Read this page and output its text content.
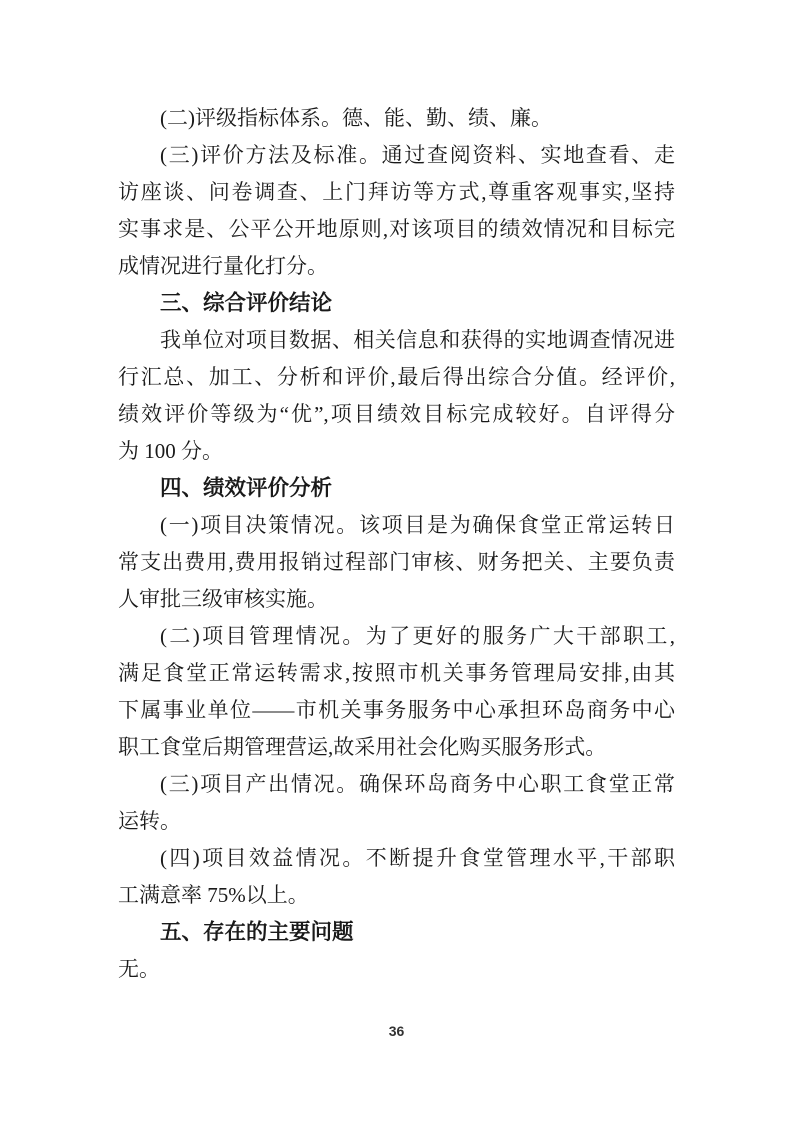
(二)评级指标体系。德、能、勤、绩、廉。
(三)评价方法及标准。通过查阅资料、实地查看、走
访座谈、问卷调查、上门拜访等方式,尊重客观事实,坚持
实事求是、公平公开地原则,对该项目的绩效情况和目标完
成情况进行量化打分。
三、综合评价结论
我单位对项目数据、相关信息和获得的实地调查情况进
行汇总、加工、分析和评价,最后得出综合分值。经评价,
绩效评价等级为“优”,项目绩效目标完成较好。自评得分
为 100 分。
四、绩效评价分析
(一)项目决策情况。该项目是为确保食堂正常运转日
常支出费用,费用报销过程部门审核、财务把关、主要负责
人审批三级审核实施。
(二)项目管理情况。为了更好的服务广大干部职工,
满足食堂正常运转需求,按照市机关事务管理局安排,由其
下属事业单位——市机关事务服务中心承担环岛商务中心
职工食堂后期管理营运,故采用社会化购买服务形式。
(三)项目产出情况。确保环岛商务中心职工食堂正常
运转。
(四)项目效益情况。不断提升食堂管理水平,干部职
工满意率 75%以上。
五、存在的主要问题
无。
36
